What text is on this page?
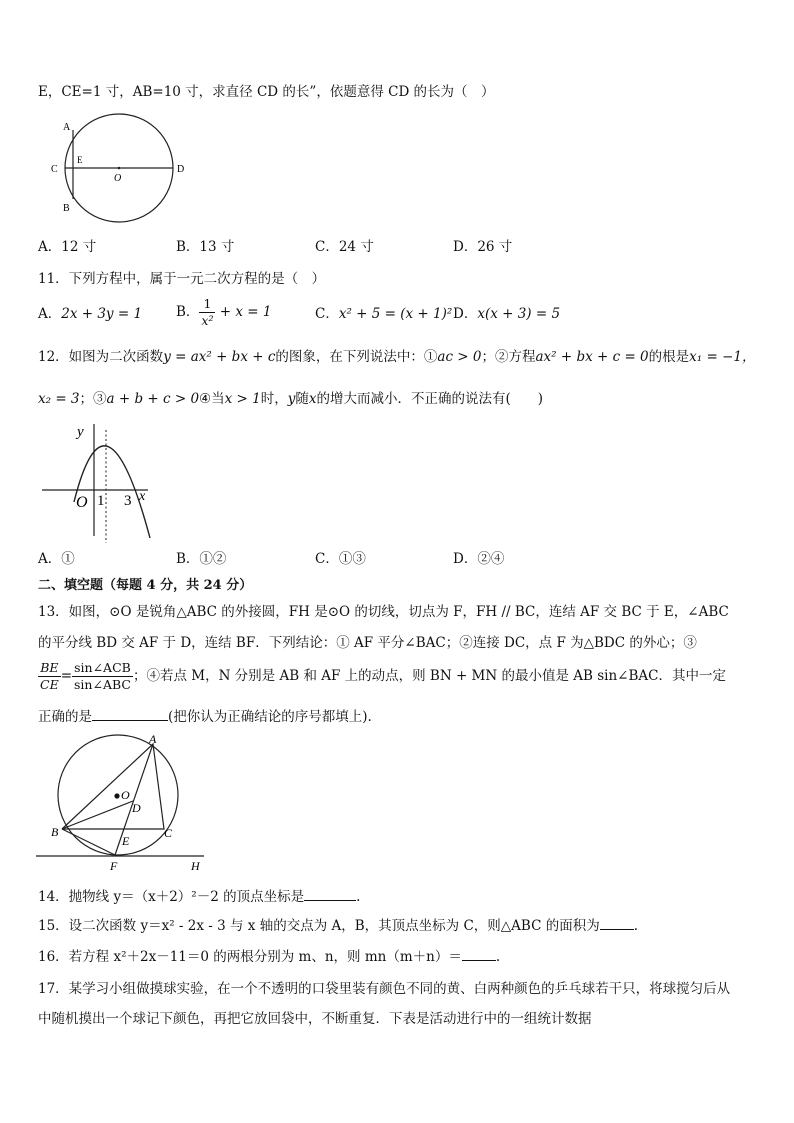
E，CE=1 寸，AB=10 寸，求直径 CD 的长”，依题意得 CD 的长为（　）
A
B
C	D
E
O
A．12 寸	B．13 寸	C．24 寸	D．26 寸
11．下列方程中，属于一元二次方程的是（　）
A．2x + 3y = 1	B． $\frac{1}{\text{x²}} + x = 1$	C．x² + 5 = (x + 1)² D．x(x + 3) = 5
12．如图为二次函数y = ax² + bx + c的图象，在下列说法中：①ac > 0；②方程ax² + bx + c = 0的根是x₁ = −1，
x₂ = 3；③a + b + c > 0④当x > 1时，y随x的增大而减小．不正确的说法有(　　)
y
x
O 1 3
A．①	B．①②	C．①③	D．②④
二、填空题（每题 4 分，共 24 分）
13．如图，⊙O 是锐角△ABC 的外接圆，FH 是⊙O 的切线，切点为 F，FH // BC，连结 AF 交 BC 于 E，∠ABC
的平分线 BD 交 AF 于 D，连结 BF．下列结论：① AF 平分∠BAC；②连接 DC，点 F 为△BDC 的外心；③
$\frac{BE}{CE} = \frac{\text{sin∠ACB}}{\text{sin∠ABC}}$ ；④若点 M，N 分别是 AB 和 AF 上的动点，则 BN + MN 的最小值是 AB sin∠BAC．其中一定
正确的是	(把你认为正确结论的序号都填上).
A
B	C
D
E
F	H
O
14．抛物线 y＝（x＋2）²－2 的顶点坐标是	.
15．设二次函数 y＝x² - 2x - 3 与 x 轴的交点为 A，B，其顶点坐标为 C，则△ABC 的面积为	.
16．若方程 x²＋2x－11＝0 的两根分别为 m、n，则 mn（m＋n）＝	.
17．某学习小组做摸球实验，在一个不透明的口袋里装有颜色不同的黄、白两种颜色的乒乓球若干只，将球搅匀后从
中随机摸出一个球记下颜色，再把它放回袋中，不断重复．下表是活动进行中的一组统计数据
